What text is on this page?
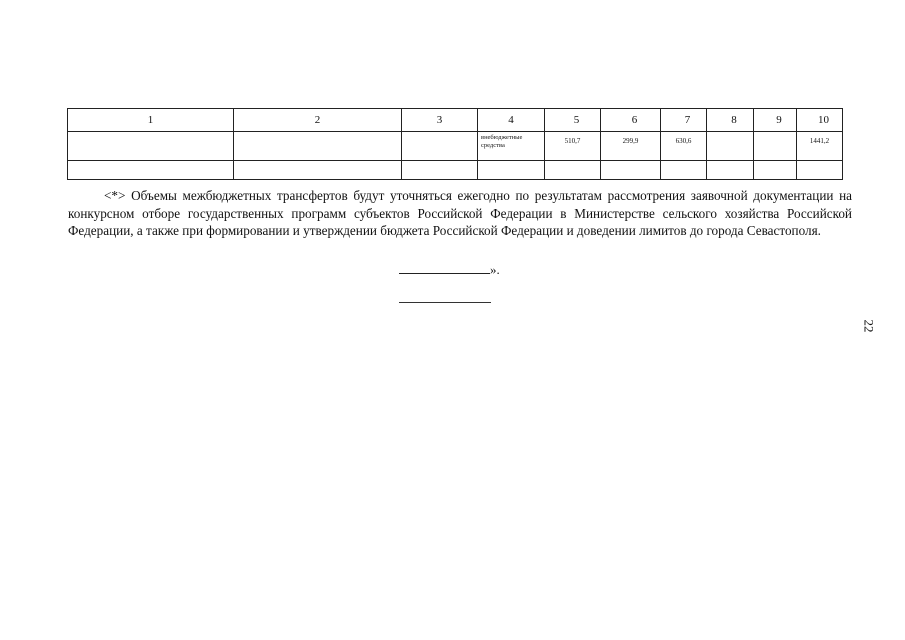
1	2	3	4	5	6	7	8	9	10
			внебюджетные средства	510,7	299,9	630,6			1441,2

<*> Объемы межбюджетных трансфертов будут уточняться ежегодно по результатам рассмотрения заявочной документации на конкурсном отборе государственных программ субъектов Российской Федерации в Министерстве сельского хозяйства Российской Федерации, а также при формировании и утверждении бюджета Российской Федерации и доведении лимитов до города Севастополя.
».
22
